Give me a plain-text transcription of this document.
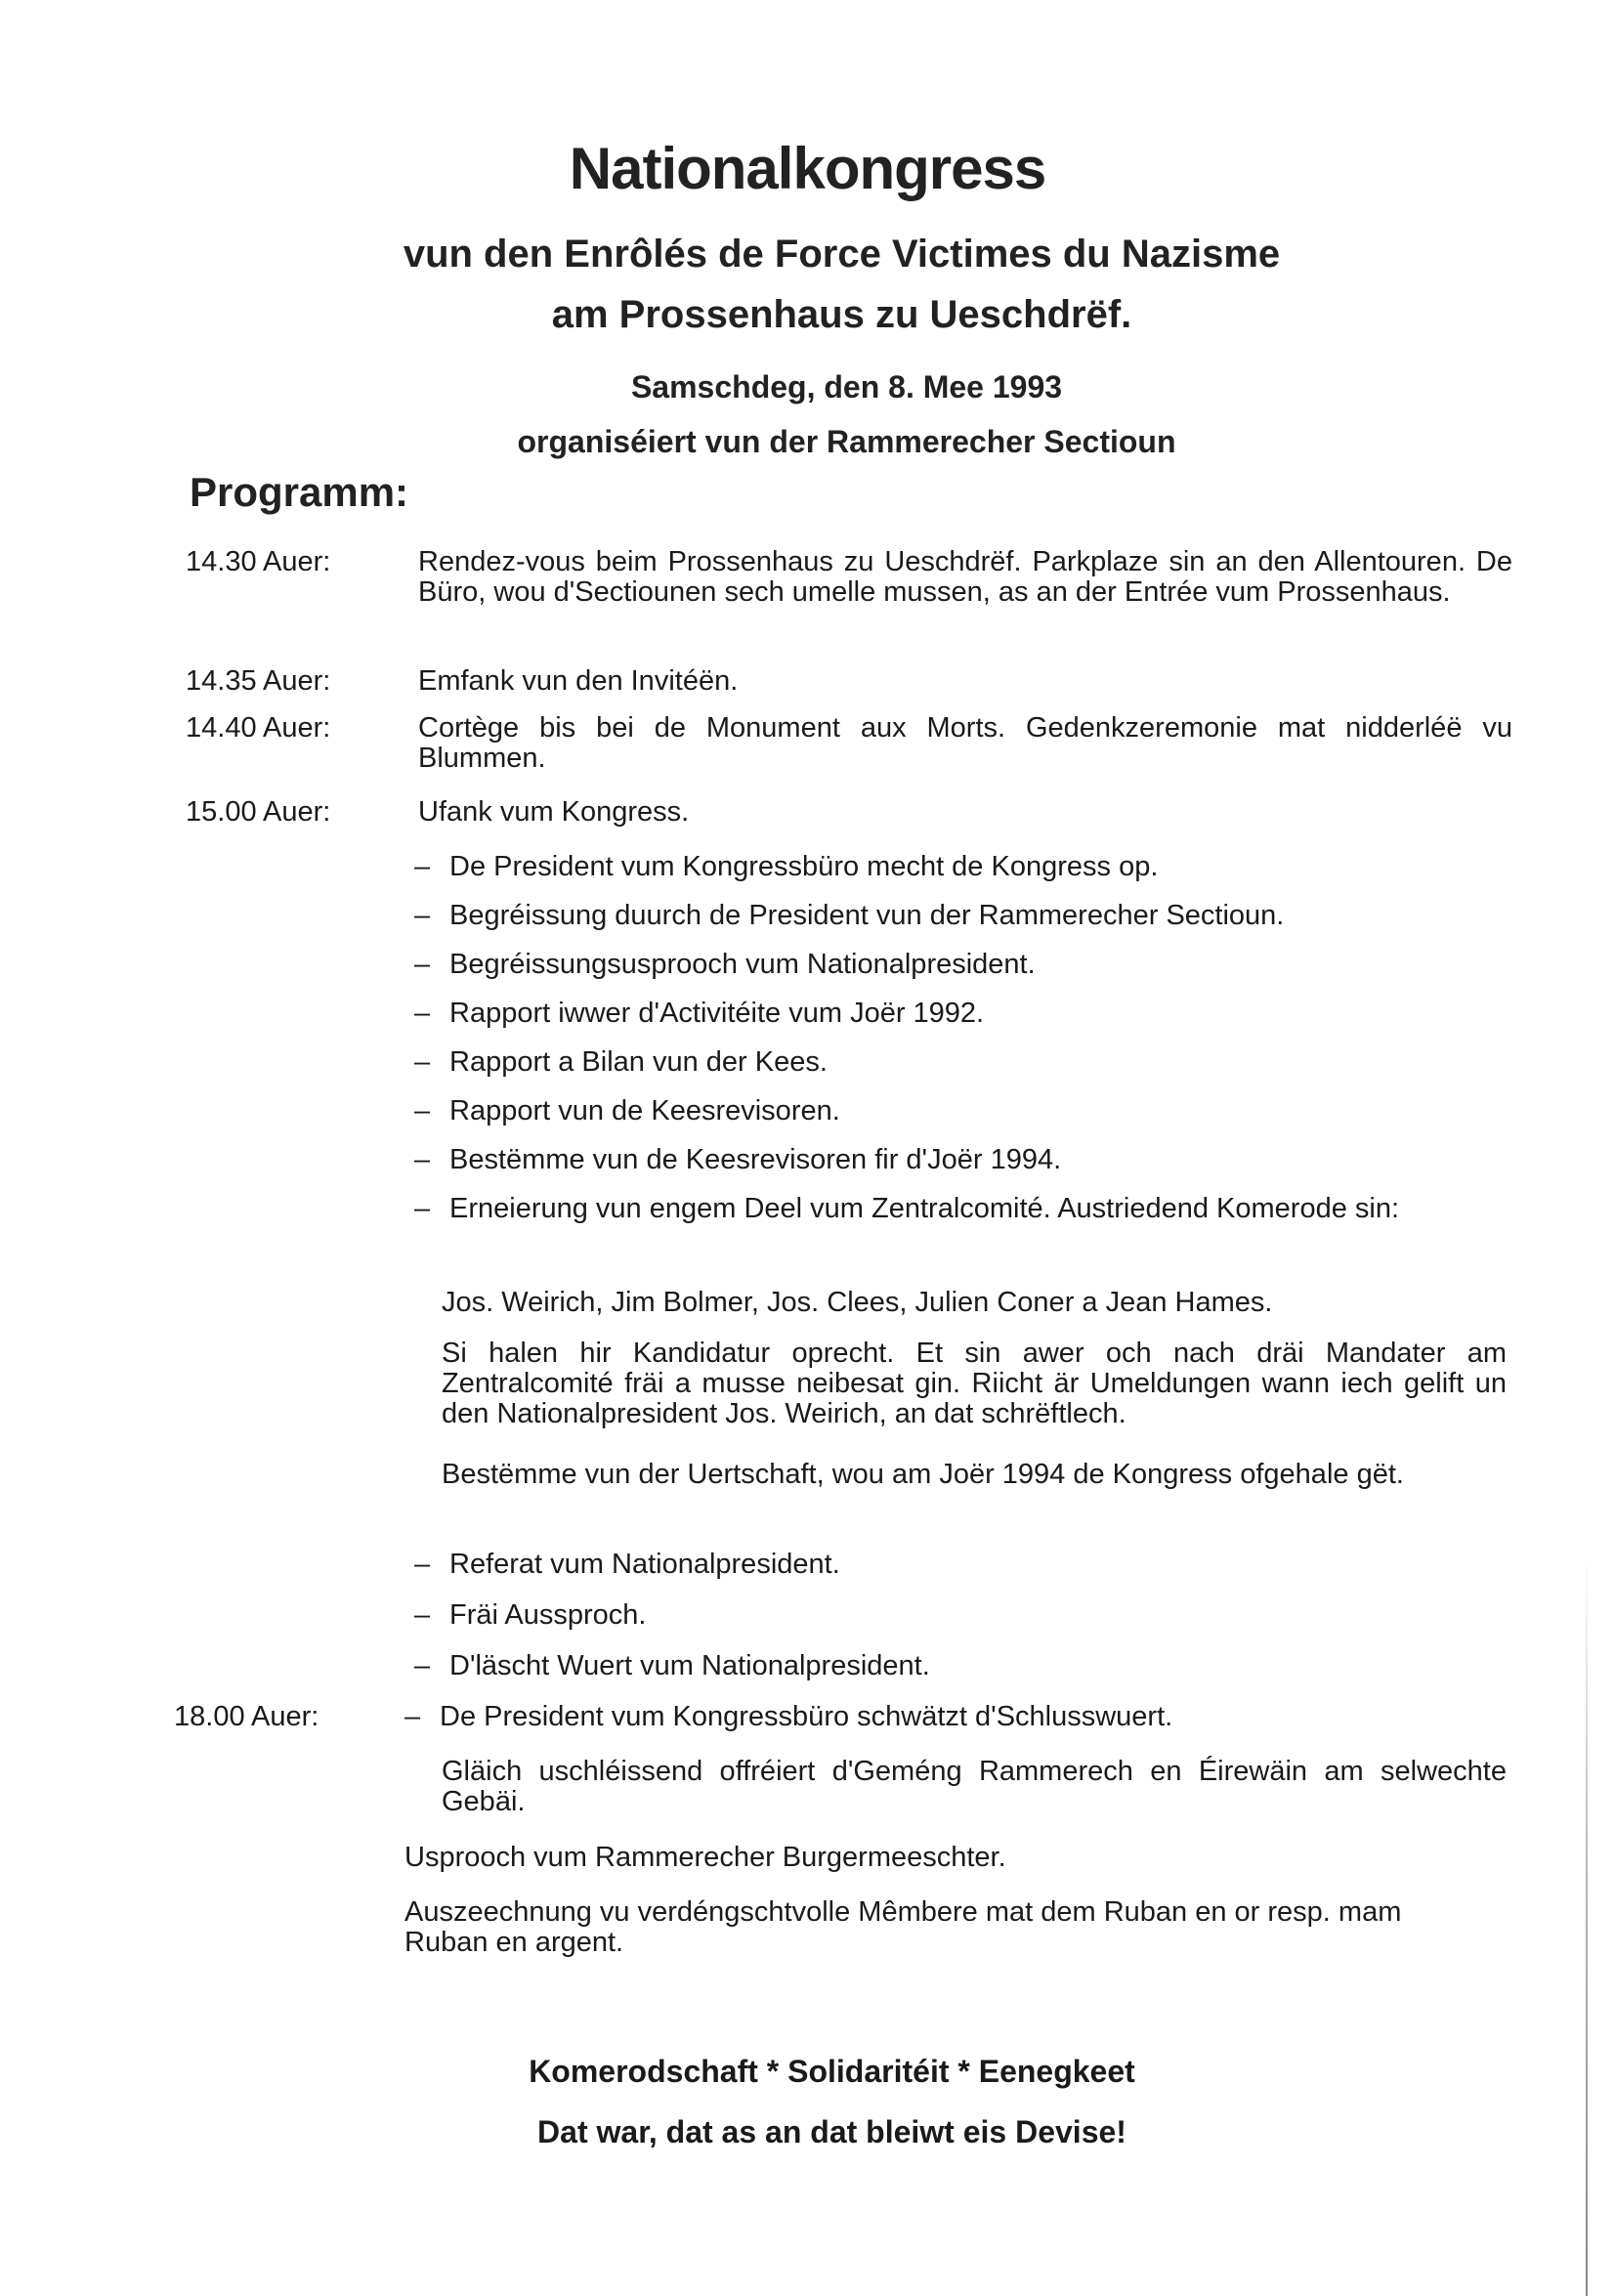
Nationalkongress
vun den Enrôlés de Force Victimes du Nazisme
am Prossenhaus zu Ueschdrëf.
Samschdeg, den 8. Mee 1993
organiséiert vun der Rammerecher Sectioun
Programm:
14.30 Auer:	Rendez-vous beim Prossenhaus zu Ueschdrëf. Parkplaze sin an den Allentouren. De Büro, wou d'Sectiounen sech umelle mussen, as an der Entrée vum Prossenhaus.
14.35 Auer:	Emfank vun den Invitéën.
14.40 Auer:	Cortège bis bei de Monument aux Morts. Gedenkzeremonie mat nidderléë vu Blummen.
15.00 Auer:	Ufank vum Kongress.
– De President vum Kongressbüro mecht de Kongress op.
– Begréissung duurch de President vun der Rammerecher Sectioun.
– Begréissungsusprooch vum Nationalpresident.
– Rapport iwwer d'Activitéite vum Joër 1992.
– Rapport a Bilan vun der Kees.
– Rapport vun de Keesrevisoren.
– Bestëmme vun de Keesrevisoren fir d'Joër 1994.
– Erneierung vun engem Deel vum Zentralcomité. Austriedend Komerode sin:
Jos. Weirich, Jim Bolmer, Jos. Clees, Julien Coner a Jean Hames.
Si halen hir Kandidatur oprecht. Et sin awer och nach dräi Mandater am Zentralcomité fräi a musse neibesat gin. Riicht är Umeldungen wann iech gelift un den Nationalpresident Jos. Weirich, an dat schrëftlech.
Bestëmme vun der Uertschaft, wou am Joër 1994 de Kongress ofgehale gët.
– Referat vum Nationalpresident.
– Fräi Aussproch.
– D'läscht Wuert vum Nationalpresident.
18.00 Auer:	– De President vum Kongressbüro schwätzt d'Schlusswuert.
Gläich uschléissend offréiert d'Geméng Rammerech en Éirewäin am selwechte Gebäi.
Usprooch vum Rammerecher Burgermeeschter.
Auszeechnung vu verdéngschtvolle Mêmbere mat dem Ruban en or resp. mam Ruban en argent.
Komerodschaft * Solidaritéit * Eenegkeet
Dat war, dat as an dat bleiwt eis Devise!
